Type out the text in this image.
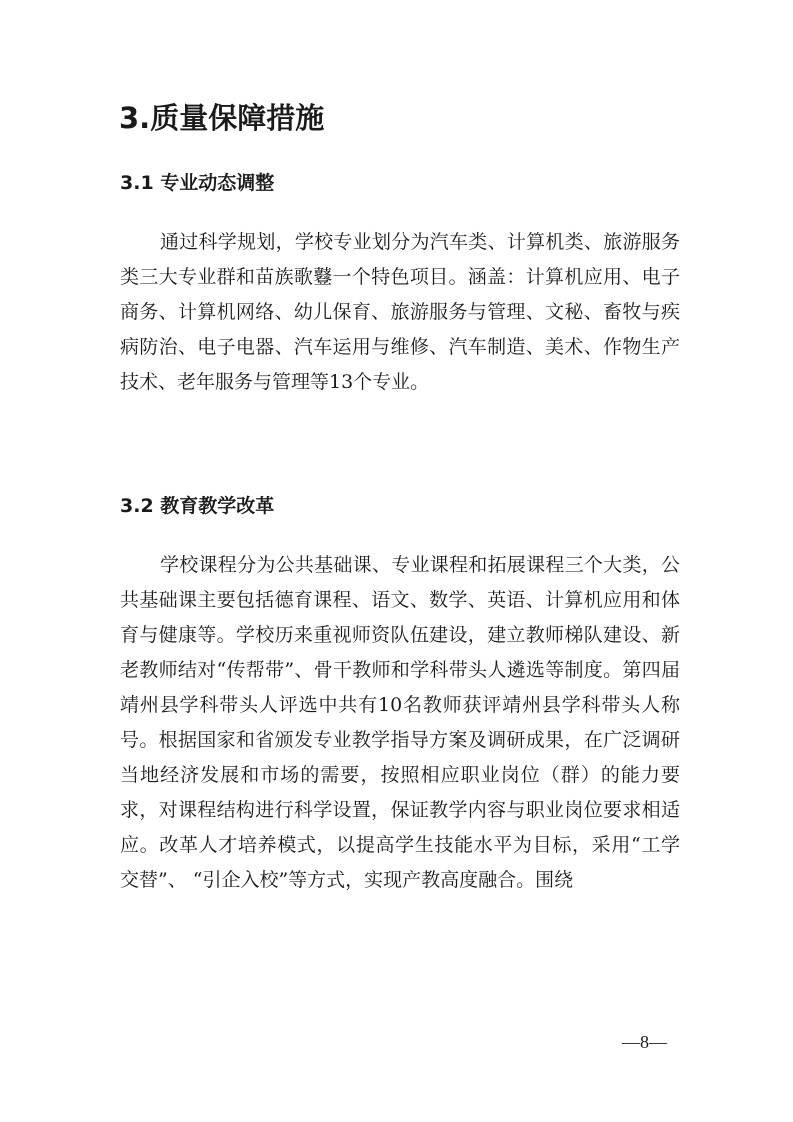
3.质量保障措施
3.1 专业动态调整

通过科学规划，学校专业划分为汽车类、计算机类、旅游服务类三大专业群和苗族歌鼟一个特色项目。涵盖：计算机应用、电子商务、计算机网络、幼儿保育、旅游服务与管理、文秘、畜牧与疾病防治、电子电器、汽车运用与维修、汽车制造、美术、作物生产技术、老年服务与管理等13个专业。

3.2 教育教学改革

学校课程分为公共基础课、专业课程和拓展课程三个大类，公共基础课主要包括德育课程、语文、数学、英语、计算机应用和体育与健康等。学校历来重视师资队伍建设，建立教师梯队建设、新老教师结对“传帮带”、骨干教师和学科带头人遴选等制度。第四届靖州县学科带头人评选中共有10名教师获评靖州县学科带头人称号。根据国家和省颁发专业教学指导方案及调研成果，在广泛调研当地经济发展和市场的需要，按照相应职业岗位（群）的能力要求，对课程结构进行科学设置，保证教学内容与职业岗位要求相适应。改革人才培养模式，以提高学生技能水平为目标，采用“工学交替”、 “引企入校”等方式，实现产教高度融合。围绕

—8—
